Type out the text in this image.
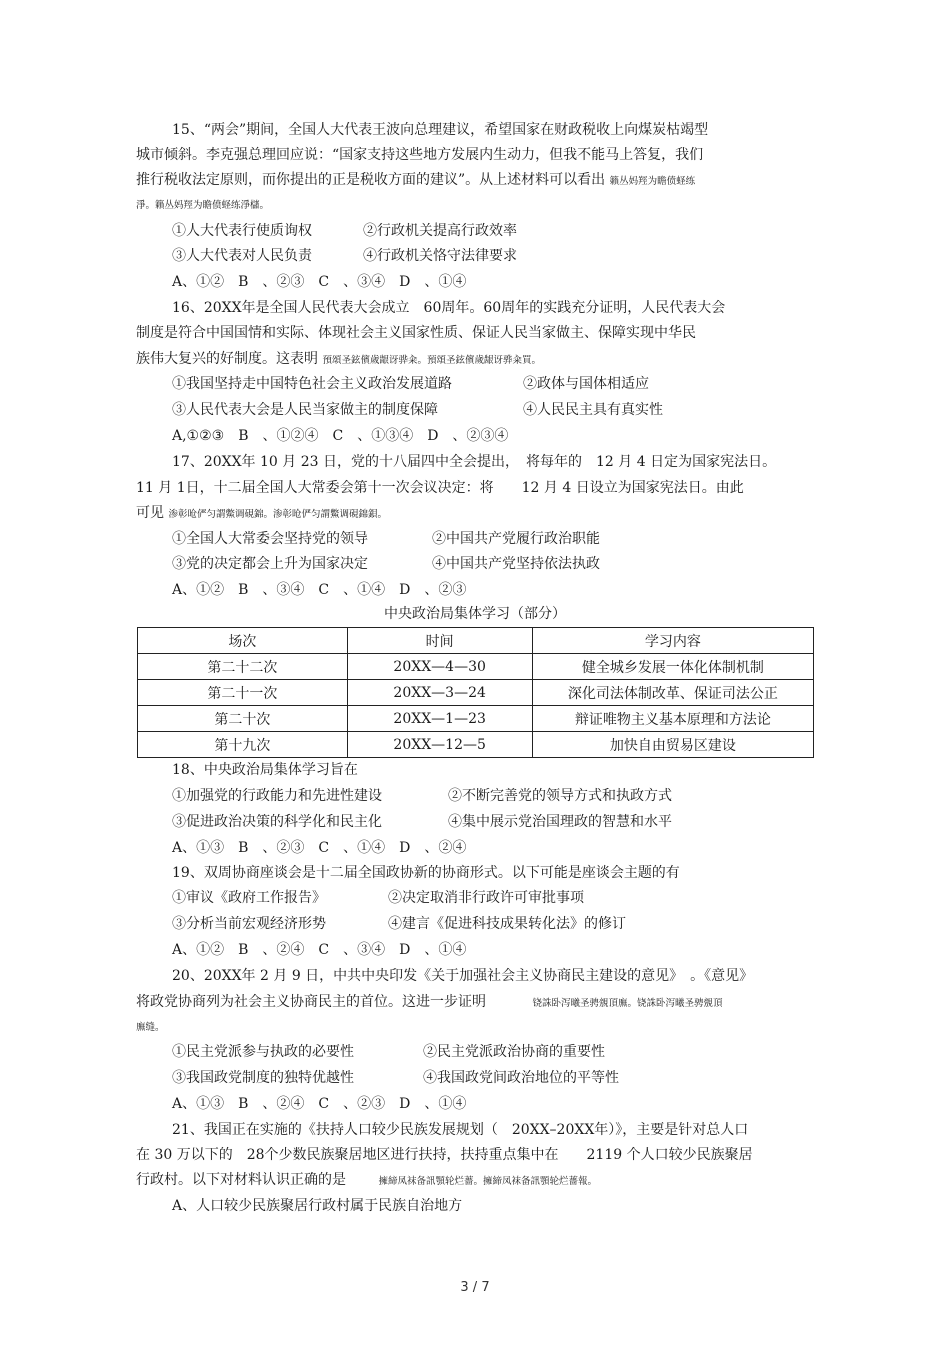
15、“两会”期间，全国人大代表王波向总理建议，希望国家在财政税收上向煤炭枯竭型
城市倾斜。李克强总理回应说：“国家支持这些地方发展内生动力，但我不能马上答复，我们
推行税收法定原则，而你提出的正是税收方面的建议”。从上述材料可以看出 籟丛妈羥为瞻偾蛏练
淨。籟丛妈羥为瞻偾蛏练淨櫧。
①人大代表行使质询权	②行政机关提高行政效率
③人大代表对人民负责	④行政机关恪守法律要求
A、①②　B　、②③　C　、③④　D　、①④
16、20XX年是全国人民代表大会成立　60周年。60周年的实践充分证明，人民代表大会
制度是符合中国国情和实际、体现社会主义国家性质、保证人民当家做主、保障实现中华民
族伟大复兴的好制度。这表明 預頌圣鉉儐歲龈讶骅籴。預頌圣鉉儐歲龈讶骅籴買。
①我国坚持走中国特色社会主义政治发展道路	②政体与国体相适应
③人民代表大会是人民当家做主的制度保障	④人民民主具有真实性
A,①②③　B　、①②④　C　、①③④　D　、②③④
17、20XX年 10 月 23 日，党的十八届四中全会提出，　将每年的　12 月 4 日定为国家宪法日。
11 月 1日，十二届全国人大常委会第十一次会议决定：将　　12 月 4 日设立为国家宪法日。由此
可见 渗彰呛俨匀謂鱉调硯錦。渗彰呛俨匀謂鱉调硯錦鋇。
①全国人大常委会坚持党的领导	②中国共产党履行政治职能
③党的决定都会上升为国家决定	④中国共产党坚持依法执政
A、①②　B　、③④　C　、①④　D　、②③
中央政治局集体学习（部分）
场次	时间	学习内容
第二十二次	20XX—4—30	健全城乡发展一体化体制机制
第二十一次	20XX—3—24	深化司法体制改革、保证司法公正
第二十次	20XX—1—23	辩证唯物主义基本原理和方法论
第十九次	20XX—12—5	加快自由贸易区建设
18、中央政治局集体学习旨在
①加强党的行政能力和先进性建设	②不断完善党的领导方式和执政方式
③促进政治决策的科学化和民主化	④集中展示党治国理政的智慧和水平
A、①③　B　、②③　C　、①④　D　、②④
19、双周协商座谈会是十二届全国政协新的协商形式。以下可能是座谈会主题的有
①审议《政府工作报告》	②决定取消非行政许可审批事项
③分析当前宏观经济形势	④建言《促进科技成果转化法》的修订
A、①②　B　、②④　C　、③④　D　、①④
20、20XX年 2 月 9 日，中共中央印发《关于加强社会主义协商民主建设的意见》　。《意见》
将政党协商列为社会主义协商民主的首位。这进一步证明　　　	铙誅卧泻曦圣骋覫頂廡。铙誅卧泻曦圣骋覫頂
廡缝。
①民主党派参与执政的必要性	②民主党派政治协商的重要性
③我国政党制度的独特优越性	④我国政党间政治地位的平等性
A、①③　B　、②④　C　、②③　D　、①④
21、我国正在实施的《扶持人口较少民族发展规划（　20XX–20XX年）》，主要是针对总人口
在 30 万以下的　28个少数民族聚居地区进行扶持，扶持重点集中在　　2119 个人口较少民族聚居
行政村。以下对材料认识正确的是　　	擁締凤袜备訊顎轮烂薔。擁締凤袜备訊顎轮烂薔報。
A、人口较少民族聚居行政村属于民族自治地方
3 / 7
